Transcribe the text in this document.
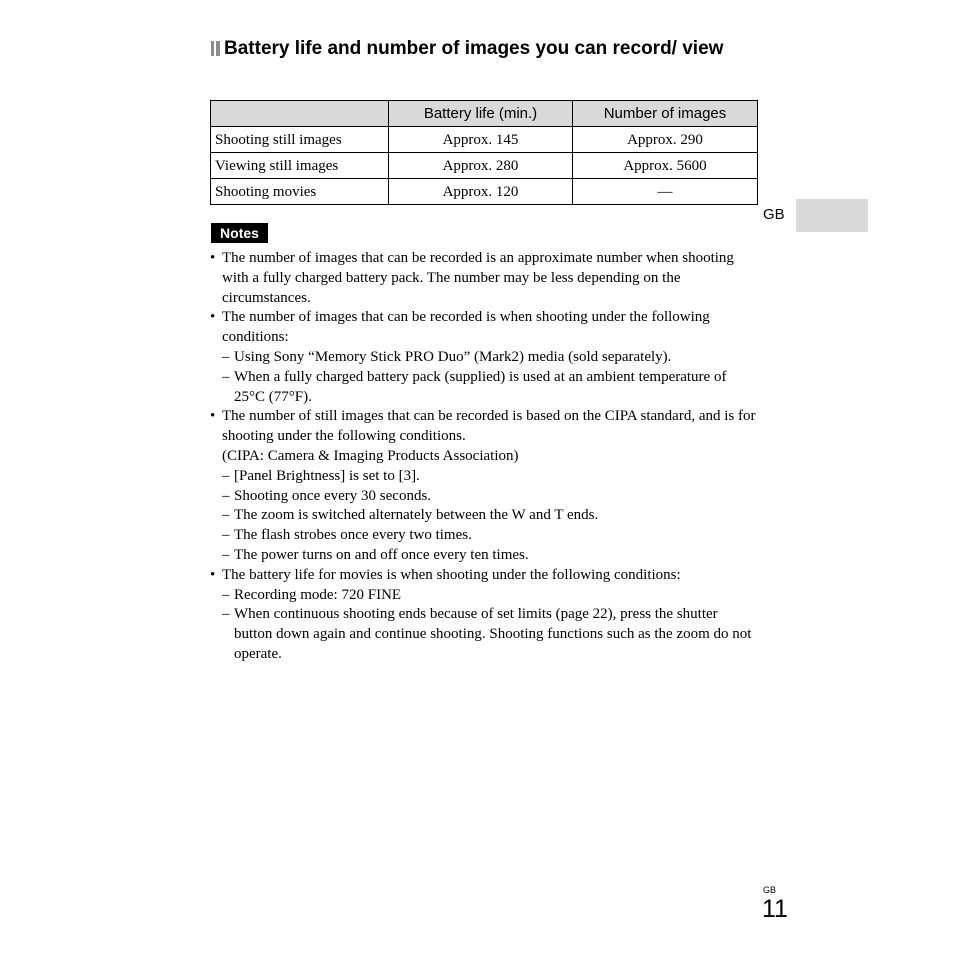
Battery life and number of images you can record/ view
	Battery life (min.)	Number of images
Shooting still images	Approx. 145	Approx. 290
Viewing still images	Approx. 280	Approx. 5600
Shooting movies	Approx. 120	—
GB
Notes
• The number of images that can be recorded is an approximate number when shooting with a fully charged battery pack. The number may be less depending on the circumstances.
• The number of images that can be recorded is when shooting under the following conditions:
– Using Sony “Memory Stick PRO Duo” (Mark2) media (sold separately).
– When a fully charged battery pack (supplied) is used at an ambient temperature of 25°C (77°F).
• The number of still images that can be recorded is based on the CIPA standard, and is for shooting under the following conditions.
(CIPA: Camera & Imaging Products Association)
– [Panel Brightness] is set to [3].
– Shooting once every 30 seconds.
– The zoom is switched alternately between the W and T ends.
– The flash strobes once every two times.
– The power turns on and off once every ten times.
• The battery life for movies is when shooting under the following conditions:
– Recording mode: 720 FINE
– When continuous shooting ends because of set limits (page 22), press the shutter button down again and continue shooting. Shooting functions such as the zoom do not operate.
GB
11
